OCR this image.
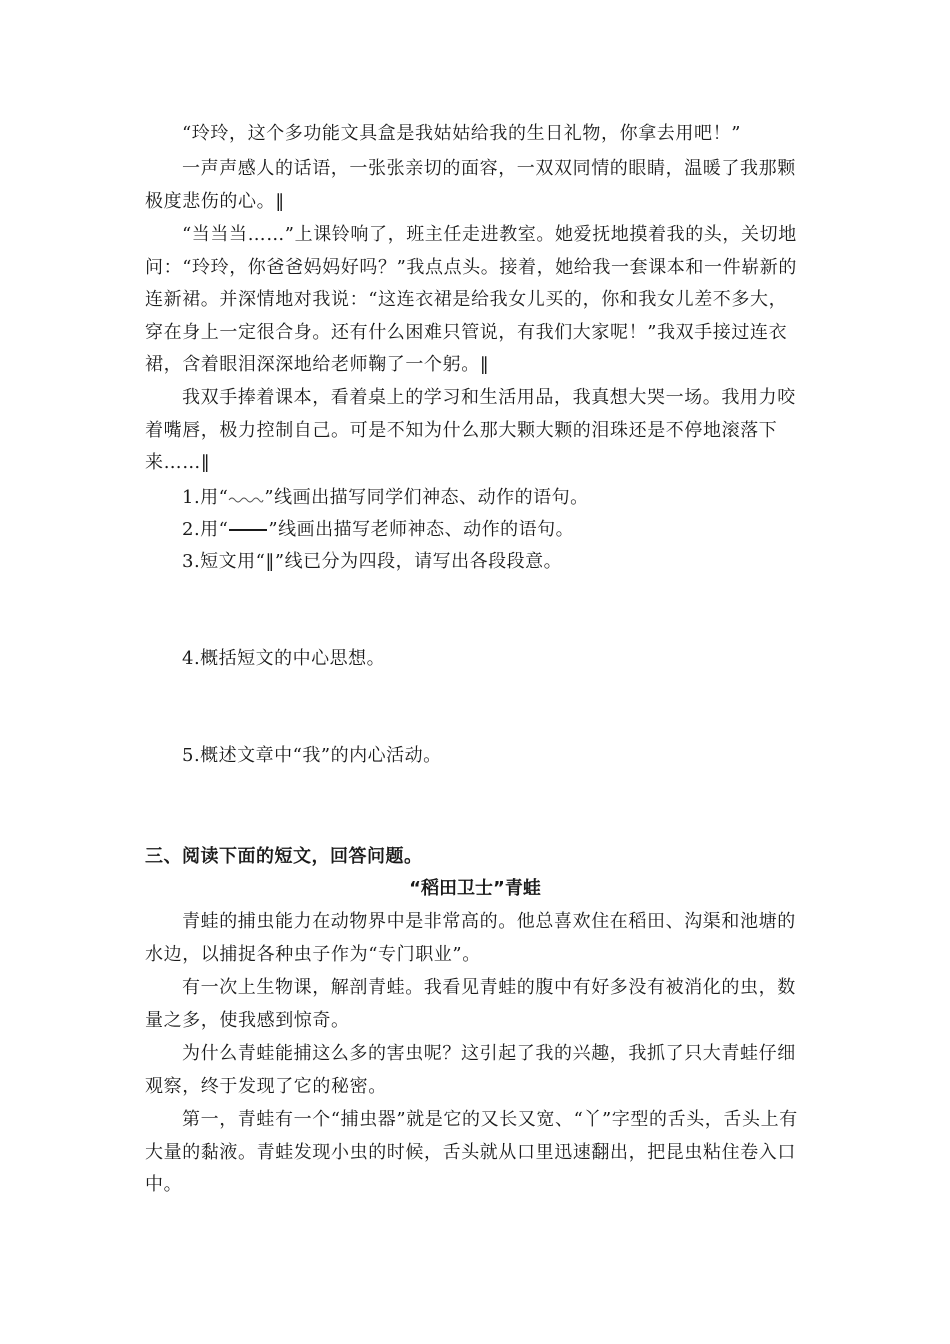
“玲玲，这个多功能文具盒是我姑姑给我的生日礼物，你拿去用吧！”

一声声感人的话语，一张张亲切的面容，一双双同情的眼睛，温暖了我那颗极度悲伤的心。‖

“当当当……”上课铃响了，班主任走进教室。她爱抚地摸着我的头，关切地问：“玲玲，你爸爸妈妈好吗？”我点点头。接着，她给我一套课本和一件崭新的连新裙。并深情地对我说：“这连衣裙是给我女儿买的，你和我女儿差不多大，穿在身上一定很合身。还有什么困难只管说，有我们大家呢！”我双手接过连衣裙，含着眼泪深深地给老师鞠了一个躬。‖

我双手捧着课本，看着桌上的学习和生活用品，我真想大哭一场。我用力咬着嘴唇，极力控制自己。可是不知为什么那大颗大颗的泪珠还是不停地滚落下来……‖

1.用“ ”线画出描写同学们神态、动作的语句。

2.用“ ”线画出描写老师神态、动作的语句。

3.短文用“‖”线已分为四段，请写出各段段意。

4.概括短文的中心思想。

5.概述文章中“我”的内心活动。

三、阅读下面的短文，回答问题。

“稻田卫士”青蛙

青蛙的捕虫能力在动物界中是非常高的。他总喜欢住在稻田、沟渠和池塘的水边，以捕捉各种虫子作为“专门职业”。

有一次上生物课，解剖青蛙。我看见青蛙的腹中有好多没有被消化的虫，数量之多，使我感到惊奇。

为什么青蛙能捕这么多的害虫呢？这引起了我的兴趣，我抓了只大青蛙仔细观察，终于发现了它的秘密。

第一，青蛙有一个“捕虫器”就是它的又长又宽、“丫”字型的舌头，舌头上有大量的黏液。青蛙发现小虫的时候，舌头就从口里迅速翻出，把昆虫粘住卷入口中。
